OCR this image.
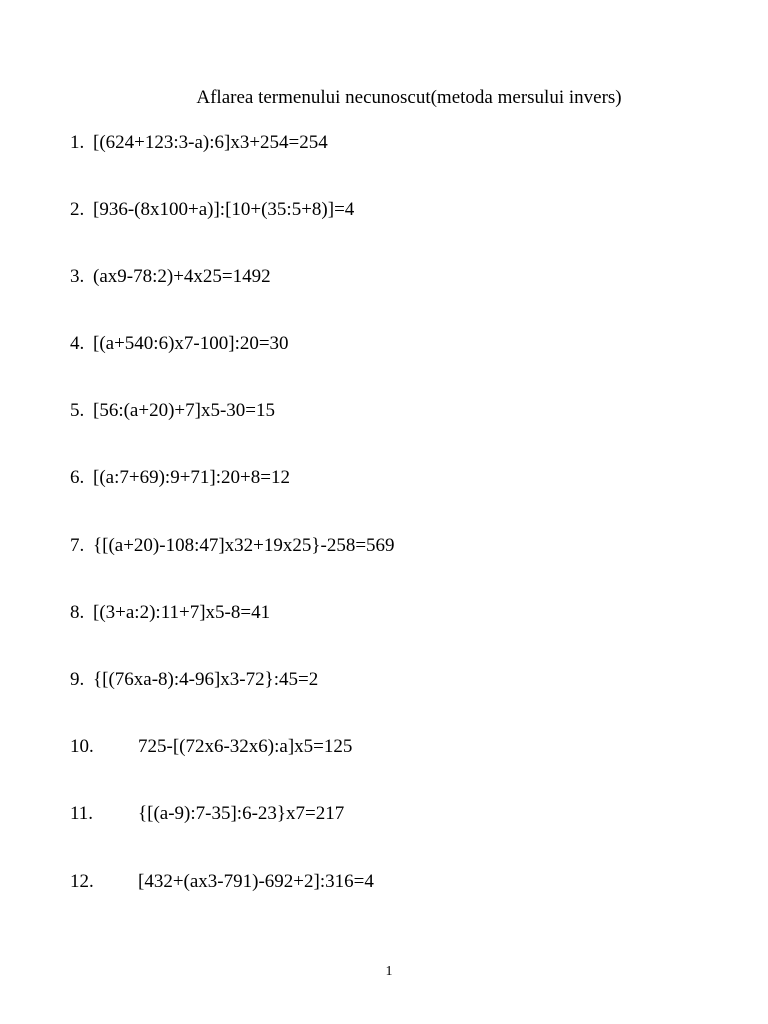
Aflarea termenului necunoscut(metoda mersului invers)
1. [(624+123:3-a):6]x3+254=254
2. [936-(8x100+a)]:[10+(35:5+8)]=4
3. (ax9-78:2)+4x25=1492
4. [(a+540:6)x7-100]:20=30
5. [56:(a+20)+7]x5-30=15
6. [(a:7+69):9+71]:20+8=12
7. {[(a+20)-108:47]x32+19x25}-258=569
8. [(3+a:2):11+7]x5-8=41
9. {[(76xa-8):4-96]x3-72}:45=2
10. 725-[(72x6-32x6):a]x5=125
11. {[(a-9):7-35]:6-23}x7=217
12. [432+(ax3-791)-692+2]:316=4
1
